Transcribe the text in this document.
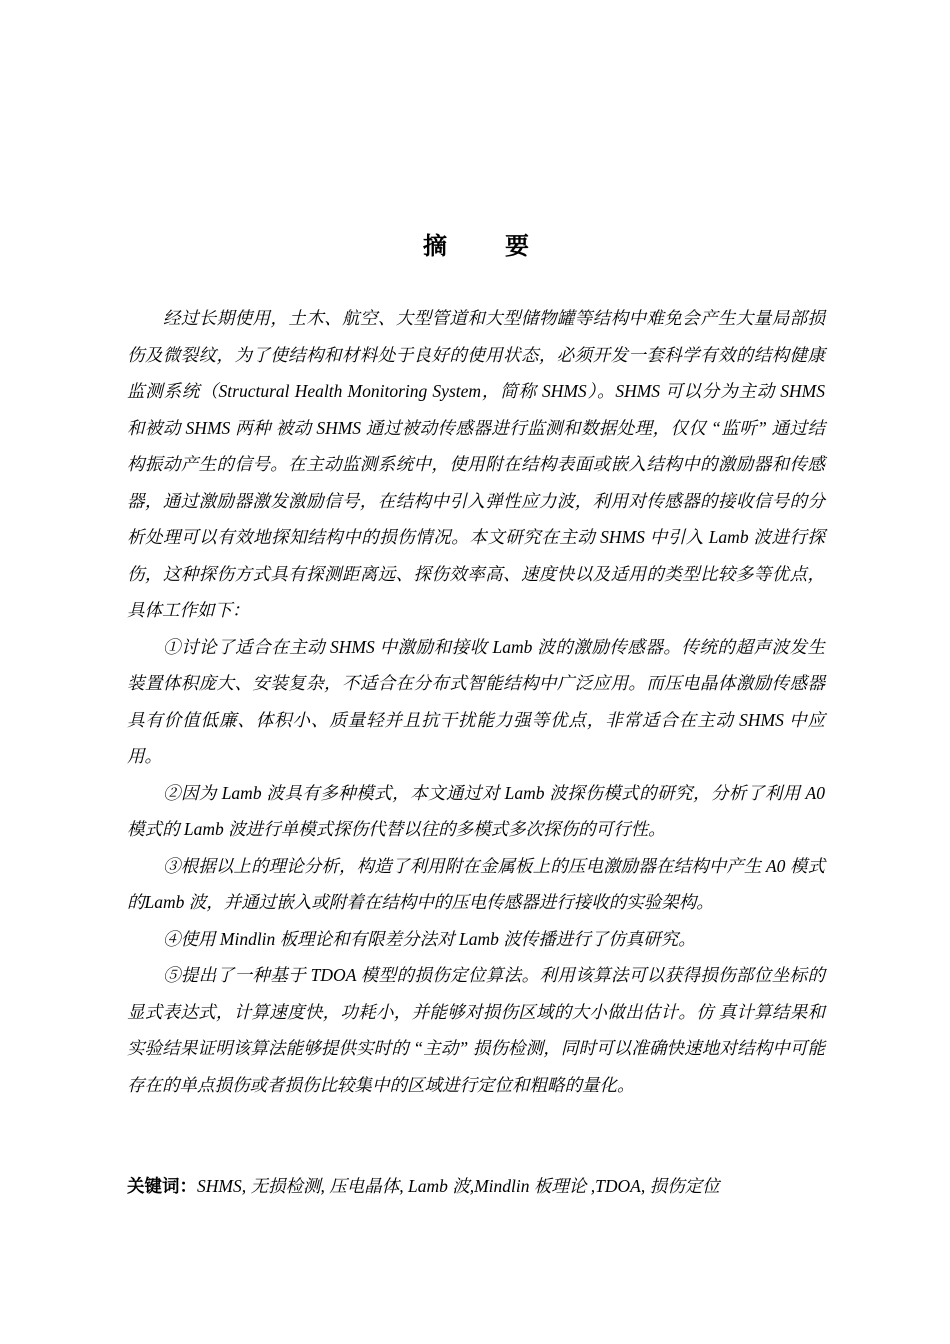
摘 要

经过长期使用，土木、航空、大型管道和大型储物罐等结构中难免会产生大量局部损伤及微裂纹，为了使结构和材料处于良好的使用状态，必须开发一套科学有效的结构健康监测系统（Structural Health Monitoring System，简称 SHMS）。SHMS 可以分为主动 SHMS 和被动 SHMS 两种 被动 SHMS 通过被动传感器进行监测和数据处理，仅仅 “监听” 通过结构振动产生的信号。在主动监测系统中，使用附在结构表面或嵌入结构中的激励器和传感器，通过激励器激发激励信号，在结构中引入弹性应力波，利用对传感器的接收信号的分析处理可以有效地探知结构中的损伤情况。本文研究在主动 SHMS 中引入 Lamb 波进行探伤，这种探伤方式具有探测距离远、探伤效率高、速度快以及适用的类型比较多等优点，具体工作如下：

①讨论了适合在主动 SHMS 中激励和接收 Lamb 波的激励传感器。传统的超声波发生装置体积庞大、安装复杂，不适合在分布式智能结构中广泛应用。而压电晶体激励传感器具有价值低廉、体积小、质量轻并且抗干扰能力强等优点，非常适合在主动 SHMS 中应用。

②因为 Lamb 波具有多种模式，本文通过对 Lamb 波探伤模式的研究，分析了利用 A0 模式的 Lamb 波进行单模式探伤代替以往的多模式多次探伤的可行性。

③根据以上的理论分析，构造了利用附在金属板上的压电激励器在结构中产生 A0 模式的Lamb 波，并通过嵌入或附着在结构中的压电传感器进行接收的实验架构。

④使用 Mindlin 板理论和有限差分法对 Lamb 波传播进行了仿真研究。

⑤提出了一种基于 TDOA 模型的损伤定位算法。利用该算法可以获得损伤部位坐标的显式表达式，计算速度快，功耗小，并能够对损伤区域的大小做出估计。仿 真计算结果和实验结果证明该算法能够提供实时的 “主动” 损伤检测，同时可以准确快速地对结构中可能存在的单点损伤或者损伤比较集中的区域进行定位和粗略的量化。

关键词：SHMS, 无损检测, 压电晶体, Lamb 波,Mindlin 板理论 ,TDOA, 损伤定位
